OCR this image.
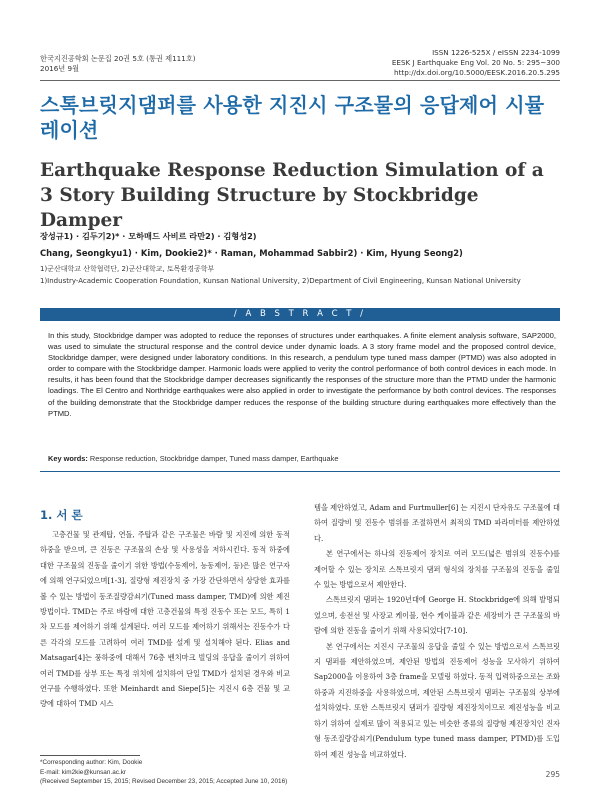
한국지진공학회 논문집 20권 5호 (통권 제111호)
2016년 9월
ISSN 1226-525X / eISSN 2234-1099
EESK J Earthquake Eng Vol. 20 No. 5: 295~300
http://dx.doi.org/10.5000/EESK.2016.20.5.295
스톡브릿지댐퍼를 사용한 지진시 구조물의 응답제어 시뮬레이션
Earthquake Response Reduction Simulation of a 3 Story Building Structure by Stockbridge Damper
장성규1) · 김두기2)* · 모하매드 사비르 라만2) · 김형성2)
Chang, Seongkyu1) · Kim, Dookie2)* · Raman, Mohammad Sabbir2) · Kim, Hyung Seong2)
1)군산대학교 산학협력단, 2)군산대학교, 토목환경공학부
1)Industry-Academic Cooperation Foundation, Kunsan National University, 2)Department of Civil Engineering, Kunsan National University
/ A B S T R A C T /
In this study, Stockbridge damper was adopted to reduce the reponses of structures under earthquakes. A finite element analysis software, SAP2000, was used to simulate the structural response and the control device under dynamic loads. A 3 story frame model and the proposed control device, Stockbridge damper, were designed under laboratory conditions. In this research, a pendulum type tuned mass damper (PTMD) was also adopted in order to compare with the Stockbridge damper. Harmonic loads were applied to verity the control performance of both control devices in each mode. In results, it has been found that the Stockbridge damper decreases significantly the responses of the structure more than the PTMD under the harmonic loadings. The El Centro and Northridge earthquakes were also applied in order to investigate the performance by both control devices. The responses of the building demonstrate that the Stockbridge damper reduces the response of the building structure during earthquakes more effectively than the PTMD.
Key words: Response reduction, Stockbridge damper, Tuned mass damper, Earthquake
1. 서 론

고층건물 및 관제탑, 연돌, 주탑과 같은 구조물은 바람 및 지진에 의한 동적 하중을 받으며, 큰 진동은 구조물의 손상 및 사용성을 저하시킨다. 동적 하중에 대한 구조물의 진동을 줄이기 위한 방법(수동제어, 능동제어, 등)은 많은 연구자에 의해 연구되었으며[1-3], 질량형 제진장치 중 가장 간단하면서 상당한 효과를 볼 수 있는 방법이 동조질량감쇠기(Tuned mass damper, TMD)에 의한 제진방법이다. TMD는 주로 바람에 대한 고층건물의 특정 진동수 또는 모드, 특히 1차 모드를 제어하기 위해 설계된다. 여러 모드를 제어하기 위해서는 진동수가 다른 각각의 모드를 고려하여 여러 TMD를 설계 및 설치해야 된다. Elias and Matsagar[4]는 풍하중에 대해서 76층 벤치마크 빌딩의 응답을 줄이기 위하여 여러 TMD를 상부 또는 특정 위치에 설치하여 단일 TMD가 설치된 경우와 비교연구를 수행하였다. 또한 Meinhardt and Siepe[5]는 지진시 6층 건물 및 교량에 대하여 TMD 시스

템을 제안하였고, Adam and Furtmuller[6] 는 지진시 단자유도 구조물에 대하여 질량비 및 진동수 범위를 조절하면서 최적의 TMD 파라미터를 제안하였다.

본 연구에서는 하나의 진동제어 장치로 여러 모드(넓은 범위의 진동수)를 제어할 수 있는 장치로 스톡브릿지 댐퍼 형식의 장치를 구조물의 진동을 줄일 수 있는 방법으로서 제안한다.

스톡브릿지 댐퍼는 1920년대에 George H. Stockbridge에 의해 발명되었으며, 송전선 및 사장교 케이블, 현수 케이블과 같은 세장비가 큰 구조물의 바람에 의한 진동을 줄이기 위해 사용되었다[7-10].

본 연구에서는 지진시 구조물의 응답을 줄일 수 있는 방법으로서 스톡브릿지 댐퍼를 제안하였으며, 제안된 방법의 진동제어 성능을 모사하기 위하여 Sap2000을 이용하여 3층 frame을 모델링 하였다. 동적 입력하중으로는 조화하중과 지진하중을 사용하였으며, 제안된 스톡브릿지 댐퍼는 구조물의 상부에 설치하였다. 또한 스톡브릿지 댐퍼가 질량형 제진장치이므로 제진성능을 비교하기 위하여 실제로 많이 적용되고 있는 비슷한 종류의 질량형 제진장치인 진자형 동조질량감쇠기(Pendulum type tuned mass damper, PTMD)를 도입하여 제진 성능을 비교하였다.

*Corresponding author: Kim, Dookie
E-mail: kim2kie@kunsan.ac.kr
(Received September 15, 2015; Revised December 23, 2015; Accepted June 10, 2016)
295
